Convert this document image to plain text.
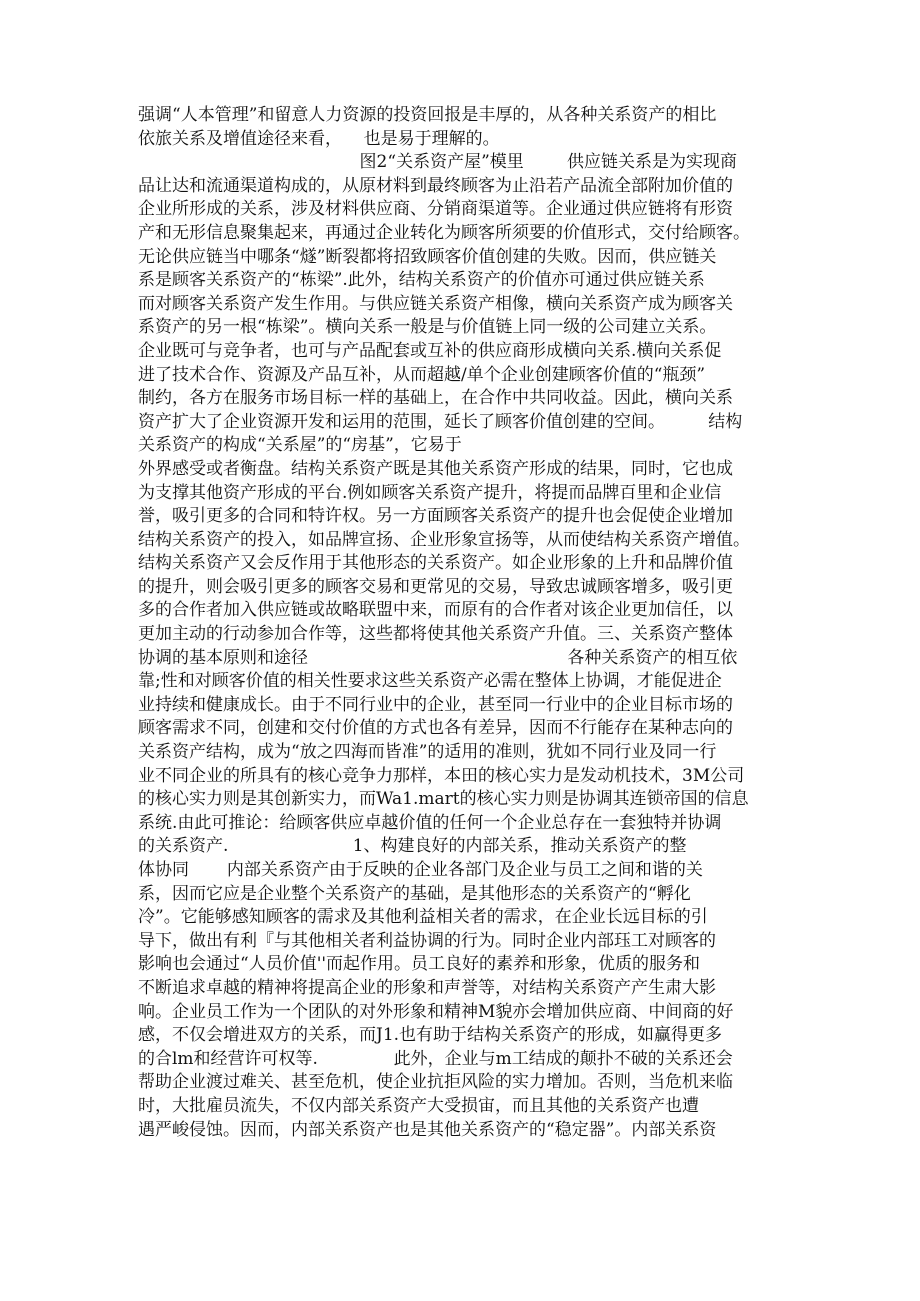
强调“人本管理”和留意人力资源的投资回报是丰厚的，从各种关系资产的相比
依旅关系及增值途径来看，    也是易于理解的。
图2“关系资产屋”模里        供应链关系是为实现商
品让达和流通渠道构成的，从原材料到最终顾客为止沿若产品流全部附加价值的
企业所形成的关系，涉及材料供应商、分销商渠道等。企业通过供应链将有形资
产和无形信息聚集起来，再通过企业转化为顾客所须要的价值形式，交付给顾客。
无论供应链当中哪条“燧”断裂都将招致顾客价值创建的失败。因而，供应链关
系是顾客关系资产的“栋梁”.此外，结构关系资产的价值亦可通过供应链关系
而对顾客关系资产发生作用。与供应链关系资产相像，横向关系资产成为顾客关
系资产的另一根“栋梁”。横向关系一般是与价值链上同一级的公司建立关系。
企业既可与竞争者，也可与产品配套或互补的供应商形成横向关系.横向关系促
进了技术合作、资源及产品互补，从而超越/单个企业创建顾客价值的“瓶颈”
制约，各方在服务市场目标一样的基础上，在合作中共同收益。因此，横向关系
资产扩大了企业资源开发和运用的范围，延长了顾客价值创建的空间。        结构
关系资产的构成“关系屋”的“房基”，它易于
外界感受或者衡盘。结构关系资产既是其他关系资产形成的结果，同时，它也成
为支撑其他资产形成的平台.例如顾客关系资产提升，将提而品牌百里和企业信
誉，吸引更多的合同和特许权。另一方面顾客关系资产的提升也会促使企业增加
结构关系资产的投入，如品牌宣扬、企业形象宣扬等，从而使结构关系资产增值。
结构关系资产又会反作用于其他形态的关系资产。如企业形象的上升和品牌价值
的提升，则会吸引更多的顾客交易和更常见的交易，导致忠诚顾客增多，吸引更
多的合作者加入供应链或故略联盟中来，而原有的合作者对该企业更加信任，以
更加主动的行动参加合作等，这些都将使其他关系资产升值。三、关系资产整体
协调的基本原则和途径                                                各种关系资产的相互依
靠;性和对顾客价值的相关性要求这些关系资产必需在整体上协调，才能促进企
业持续和健康成长。由于不同行业中的企业，甚至同一行业中的企业目标市场的
顾客需求不同，创建和交付价值的方式也各有差异，因而不行能存在某种志向的
关系资产结构，成为“放之四海而皆准”的适用的准则，犹如不同行业及同一行
业不同企业的所具有的核心竞争力那样，本田的核心实力是发动机技术，3M公司
的核心实力则是其创新实力，而Wa1.mart的核心实力则是协调其连锁帝国的信息
系统.由此可推论：给顾客供应卓越价值的任何一个企业总存在一套独特并协调
的关系资产.                       1、构建良好的内部关系，推动关系资产的整
体协同       内部关系资产由于反映的企业各部门及企业与员工之间和谐的关
系，因而它应是企业整个关系资产的基础，是其他形态的关系资产的“孵化
冷”。它能够感知顾客的需求及其他利益相关者的需求，在企业长远目标的引
导下，做出有利『与其他相关者利益协调的行为。同时企业内部珏工对顾客的
影响也会通过“人员价值''而起作用。员工良好的素养和形象，优质的服务和
不断追求卓越的精神将提高企业的形象和声誉等，对结构关系资产产生肃大影
响。企业员工作为一个团队的对外形象和精神M貌亦会增加供应商、中间商的好
感，不仅会增进双方的关系，而J1.也有助于结构关系资产的形成，如赢得更多
的合lm和经营许可权等.              此外，企业与m工结成的颠扑不破的关系还会
帮助企业渡过难关、甚至危机，使企业抗拒风险的实力增加。否则，当危机来临
时，大批雇员流失，不仅内部关系资产大受损宙，而且其他的关系资产也遭
遇严峻侵蚀。因而，内部关系资产也是其他关系资产的“稳定器”。内部关系资
